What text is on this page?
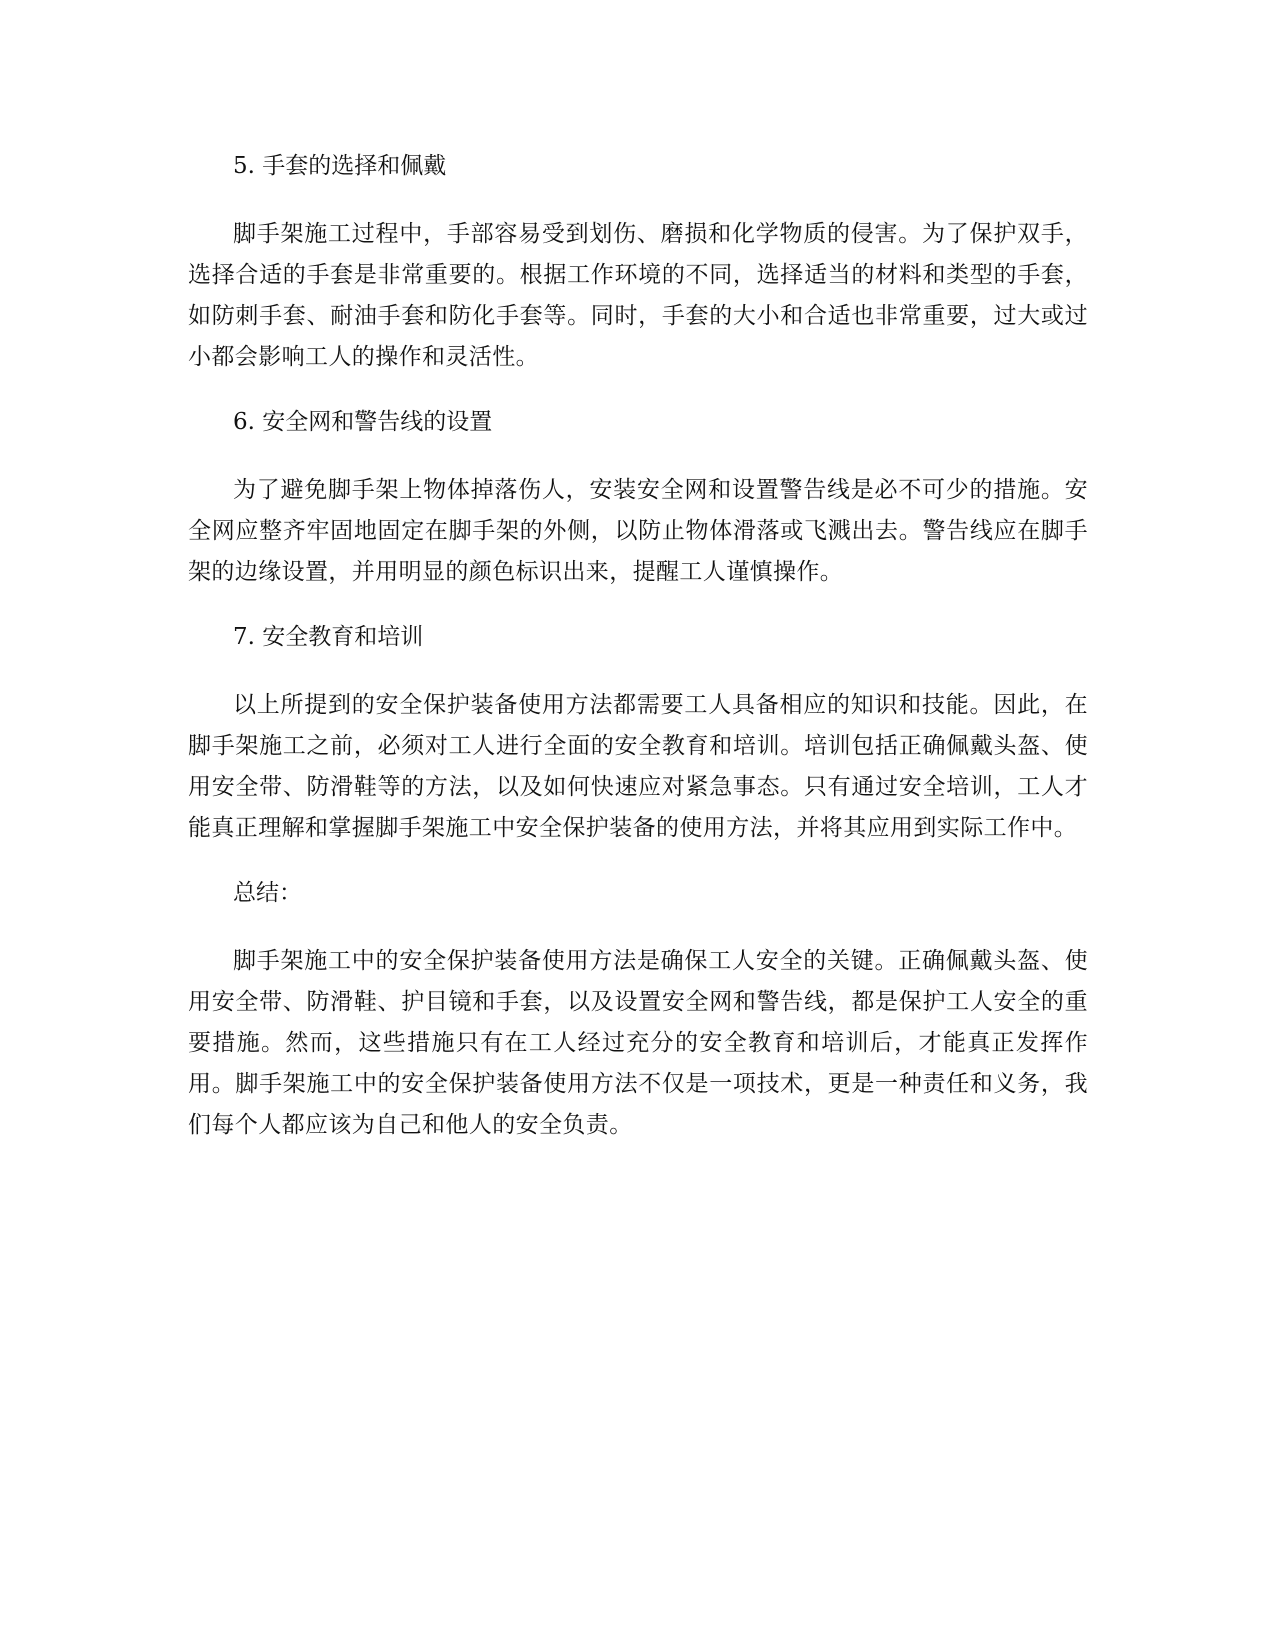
5. 手套的选择和佩戴

脚手架施工过程中，手部容易受到划伤、磨损和化学物质的侵害。为了保护双手，选择合适的手套是非常重要的。根据工作环境的不同，选择适当的材料和类型的手套，如防刺手套、耐油手套和防化手套等。同时，手套的大小和合适也非常重要，过大或过小都会影响工人的操作和灵活性。

6. 安全网和警告线的设置

为了避免脚手架上物体掉落伤人，安装安全网和设置警告线是必不可少的措施。安全网应整齐牢固地固定在脚手架的外侧，以防止物体滑落或飞溅出去。警告线应在脚手架的边缘设置，并用明显的颜色标识出来，提醒工人谨慎操作。

7. 安全教育和培训

以上所提到的安全保护装备使用方法都需要工人具备相应的知识和技能。因此，在脚手架施工之前，必须对工人进行全面的安全教育和培训。培训包括正确佩戴头盔、使用安全带、防滑鞋等的方法，以及如何快速应对紧急事态。只有通过安全培训，工人才能真正理解和掌握脚手架施工中安全保护装备的使用方法，并将其应用到实际工作中。

总结：

脚手架施工中的安全保护装备使用方法是确保工人安全的关键。正确佩戴头盔、使用安全带、防滑鞋、护目镜和手套，以及设置安全网和警告线，都是保护工人安全的重要措施。然而，这些措施只有在工人经过充分的安全教育和培训后，才能真正发挥作用。脚手架施工中的安全保护装备使用方法不仅是一项技术，更是一种责任和义务，我们每个人都应该为自己和他人的安全负责。
